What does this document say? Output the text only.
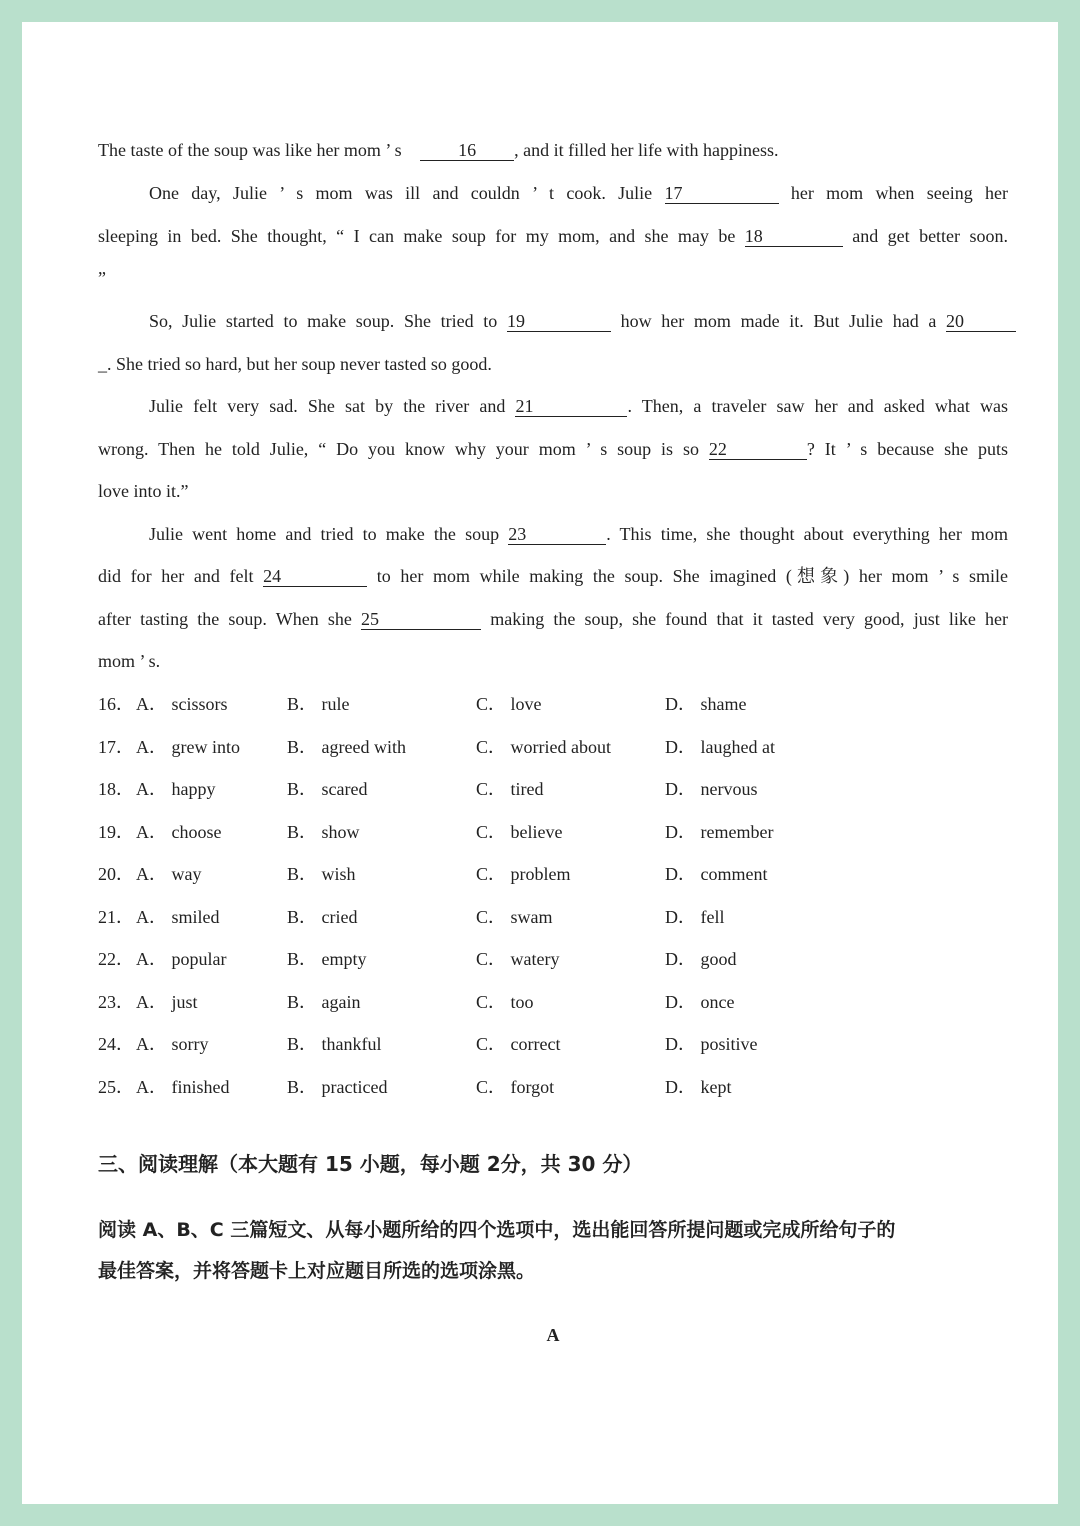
The taste of the soup was like her mom ’ s	16 , and it filled her life with happiness.
One day, Julie ’ s mom was ill and couldn ’ t cook. Julie 17	her mom when seeing her
sleeping in bed. She thought, “ I can make soup for my mom, and she may be 18	and get better soon.
”
So, Julie started to make soup. She tried to 19	how her mom made it. But Julie had a 20
_. She tried so hard, but her soup never tasted so good.
Julie felt very sad. She sat by the river and 21	. Then, a traveler saw her and asked what was
wrong. Then he told Julie, “ Do you know why your mom ’ s soup is so 22	? It ’ s because she puts
love into it.”
Julie went home and tried to make the soup 23	. This time, she thought about everything her mom
did for her and felt 24	to her mom while making the soup. She imagined (想象) her mom ’ s smile
after tasting the soup. When she 25	making the soup, she found that it tasted very good, just like her
mom ’ s.
16． A． scissors	B． rule	C． love	D． shame
17． A． grew into	B． agreed with	C． worried about	D． laughed at
18． A． happy	B． scared	C． tired	D． nervous
19． A． choose	B． show	C． believe	D． remember
20． A． way	B． wish	C． problem	D． comment
21． A． smiled	B． cried	C． swam	D． fell
22． A． popular	B． empty	C． watery	D． good
23． A． just	B． again	C． too	D． once
24． A． sorry	B． thankful	C． correct	D． positive
25． A． finished	B． practiced	C． forgot	D． kept
三、阅读理解（本大题有 15 小题，每小题 2分，共 30 分）
阅读 A、B、C 三篇短文、从每小题所给的四个选项中，选出能回答所提问题或完成所给句子的
最佳答案，并将答题卡上对应题目所选的选项涂黑。
A
